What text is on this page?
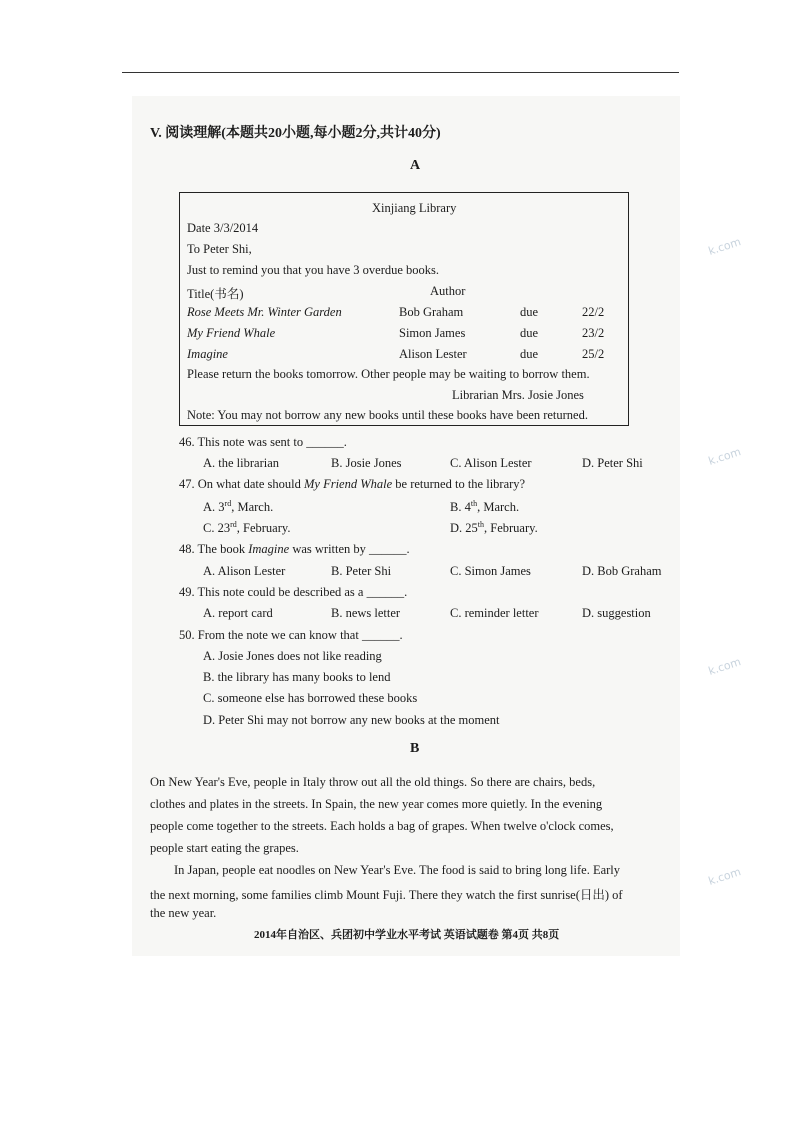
k.com
k.com
k.com
k.com
V. 阅读理解(本题共20小题,每小题2分,共计40分)
A
Xinjiang Library
Date 3/3/2014
To Peter Shi,
Just to remind you that you have 3 overdue books.
Title(书名)	Author
Rose Meets Mr. Winter Garden	Bob Graham	due	22/2
My Friend Whale	Simon James	due	23/2
Imagine	Alison Lester	due	25/2
Please return the books tomorrow. Other people may be waiting to borrow them.
Librarian Mrs. Josie Jones
Note: You may not borrow any new books until these books have been returned.
46. This note was sent to ______.
A. the librarian	B. Josie Jones	C. Alison Lester	D. Peter Shi
47. On what date should My Friend Whale be returned to the library?
A. 3rd, March.	B. 4th, March.
C. 23rd, February.	D. 25th, February.
48. The book Imagine was written by ______.
A. Alison Lester	B. Peter Shi	C. Simon James	D. Bob Graham
49. This note could be described as a ______.
A. report card	B. news letter	C. reminder letter	D. suggestion
50. From the note we can know that ______.
A. Josie Jones does not like reading
B. the library has many books to lend
C. someone else has borrowed these books
D. Peter Shi may not borrow any new books at the moment
B
On New Year's Eve, people in Italy throw out all the old things. So there are chairs, beds,
clothes and plates in the streets. In Spain, the new year comes more quietly. In the evening
people come together to the streets. Each holds a bag of grapes. When twelve o'clock comes,
people start eating the grapes.
In Japan, people eat noodles on New Year's Eve. The food is said to bring long life. Early
the next morning, some families climb Mount Fuji. There they watch the first sunrise(日出) of
the new year.
2014年自治区、兵团初中学业水平考试 英语试题卷 第4页 共8页
